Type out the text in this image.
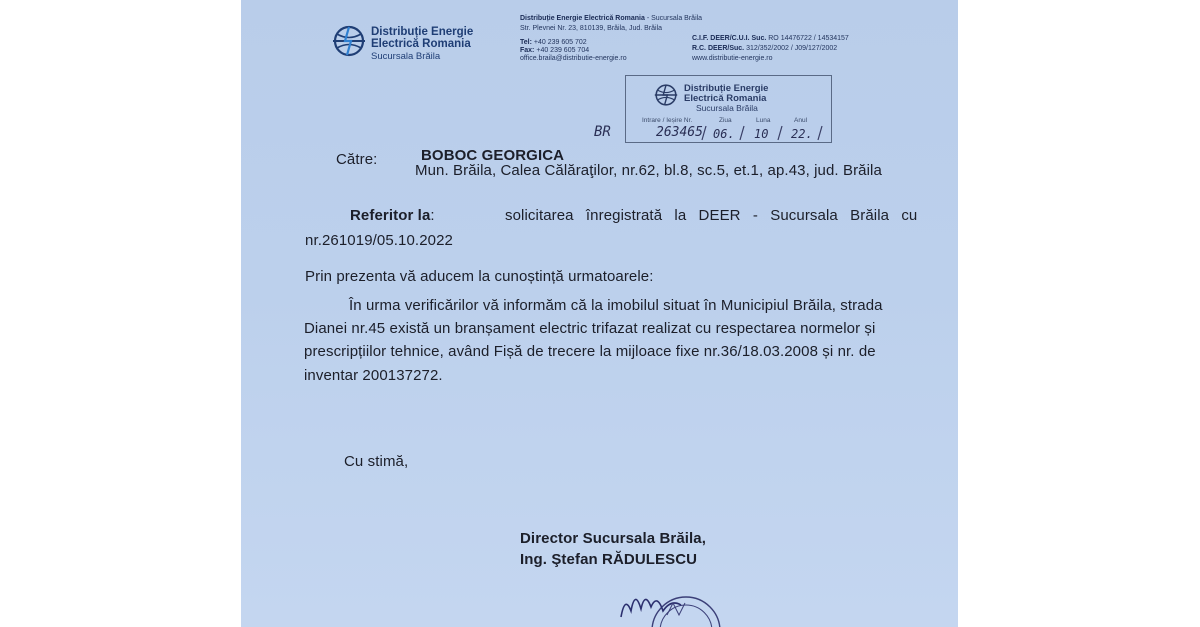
Distribuție Energie
Electrică Romania
Sucursala Brăila
Distribuție Energie Electrică Romania - Sucursala Brăila
Str. Plevnei Nr. 23, 810139, Brăila, Jud. Brăila
Tel: +40 239 605 702
Fax: +40 239 605 704
office.braila@distributie-energie.ro
C.I.F. DEER/C.U.I. Suc. RO 14476722 / 14534157
R.C. DEER/Suc. 312/352/2002 / J09/127/2002
www.distributie-energie.ro
Distribuție Energie
Electrică Romania
Sucursala Brăila
Intrare / Ieșire Nr.	Ziua	Luna	Anul
263465 06. 10 22.
BR
Către:	BOBOC GEORGICA
Mun. Brăila, Calea Călăraţilor, nr.62, bl.8, sc.5, et.1, ap.43, jud. Brăila
Referitor la:	solicitarea înregistrată la DEER - Sucursala Brăila cu
nr.261019/05.10.2022
Prin prezenta vă aducem la cunoștință urmatoarele:
În urma verificărilor vă informăm că la imobilul situat în Municipiul Brăila, strada
Dianei nr.45 există un branșament electric trifazat realizat cu respectarea normelor și
prescripțiilor tehnice, având Fișă de trecere la mijloace fixe nr.36/18.03.2008 și nr. de
inventar 200137272.
Cu stimă,
Director Sucursala Brăila,
Ing. Ştefan RĂDULESCU
